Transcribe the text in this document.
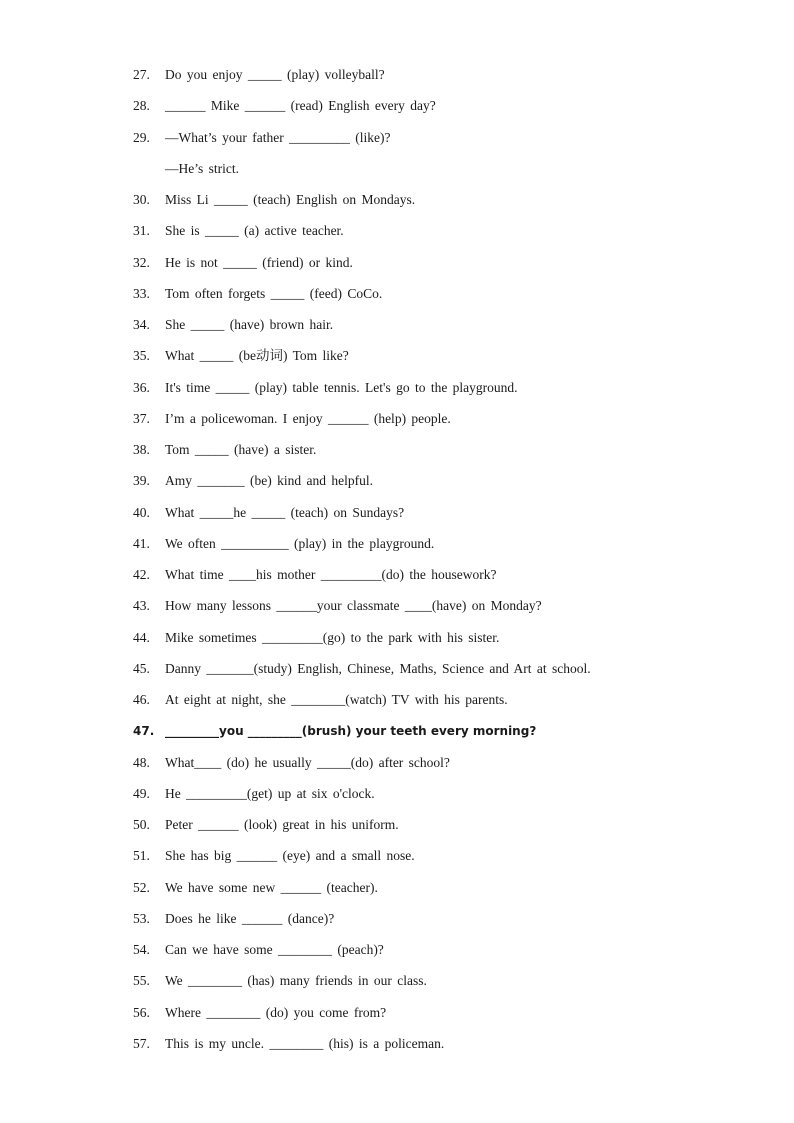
27. Do you enjoy _____ (play) volleyball?
28. ______ Mike ______ (read) English every day?
29. —What’s your father _________ (like)?
—He’s strict.
30. Miss Li _____ (teach) English on Mondays.
31. She is _____ (a) active teacher.
32. He is not _____ (friend) or kind.
33. Tom often forgets _____ (feed) CoCo.
34. She _____ (have) brown hair.
35. What _____ (be动词) Tom like?
36. It's time _____ (play) table tennis. Let's go to the playground.
37. I’m a policewoman. I enjoy ______ (help) people.
38. Tom _____ (have) a sister.
39. Amy _______ (be) kind and helpful.
40. What _____he _____ (teach) on Sundays?
41. We often __________ (play) in the playground.
42. What time ____his mother _________(do) the housework?
43. How many lessons ______your classmate ____(have) on Monday?
44. Mike sometimes _________(go) to the park with his sister.
45. Danny _______(study) English, Chinese, Maths, Science and Art at school.
46. At eight at night, she ________(watch) TV with his parents.
47. _________you _________(brush) your teeth every morning?
48. What____ (do) he usually _____(do) after school?
49. He _________(get) up at six o'clock.
50. Peter ______ (look) great in his uniform.
51. She has big ______ (eye) and a small nose.
52. We have some new ______ (teacher).
53. Does he like ______ (dance)?
54. Can we have some ________ (peach)?
55. We ________ (has) many friends in our class.
56. Where ________ (do) you come from?
57. This is my uncle. ________ (his) is a policeman.
